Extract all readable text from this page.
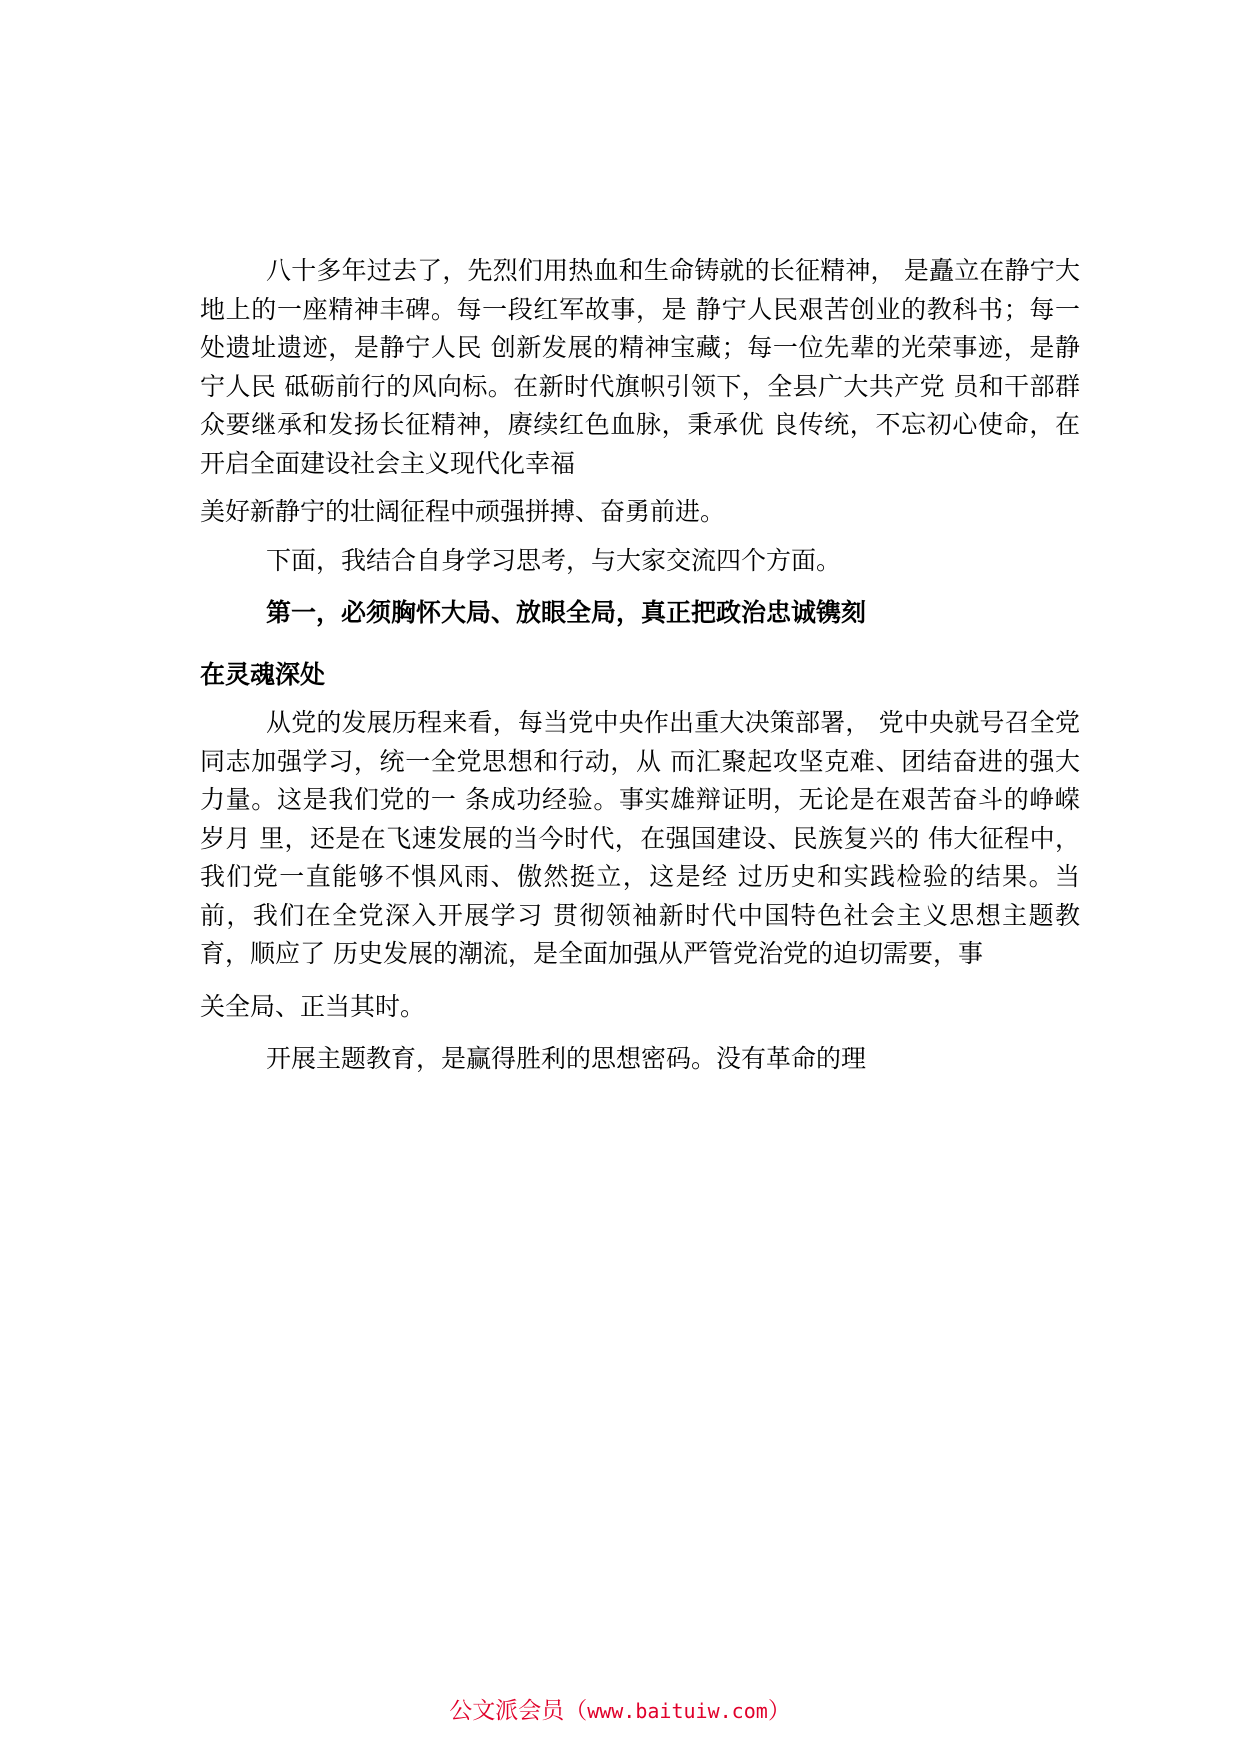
八十多年过去了，先烈们用热血和生命铸就的长征精神， 是矗立在静宁大地上的一座精神丰碑。每一段红军故事，是 静宁人民艰苦创业的教科书；每一处遗址遗迹，是静宁人民 创新发展的精神宝藏；每一位先辈的光荣事迹，是静宁人民 砥砺前行的风向标。在新时代旗帜引领下，全县广大共产党 员和干部群众要继承和发扬长征精神，赓续红色血脉，秉承优 良传统，不忘初心使命，在开启全面建设社会主义现代化幸福

美好新静宁的壮阔征程中顽强拼搏、奋勇前进。

下面，我结合自身学习思考，与大家交流四个方面。

第一，必须胸怀大局、放眼全局，真正把政治忠诚镌刻

在灵魂深处

从党的发展历程来看，每当党中央作出重大决策部署， 党中央就号召全党同志加强学习，统一全党思想和行动，从 而汇聚起攻坚克难、团结奋进的强大力量。这是我们党的一 条成功经验。事实雄辩证明，无论是在艰苦奋斗的峥嵘岁月 里，还是在飞速发展的当今时代，在强国建设、民族复兴的 伟大征程中，我们党一直能够不惧风雨、傲然挺立，这是经 过历史和实践检验的结果。当前，我们在全党深入开展学习 贯彻领袖新时代中国特色社会主义思想主题教育，顺应了 历史发展的潮流，是全面加强从严管党治党的迫切需要，事

关全局、正当其时。

开展主题教育，是赢得胜利的思想密码。没有革命的理

公文派会员（www.baituiw.com）
